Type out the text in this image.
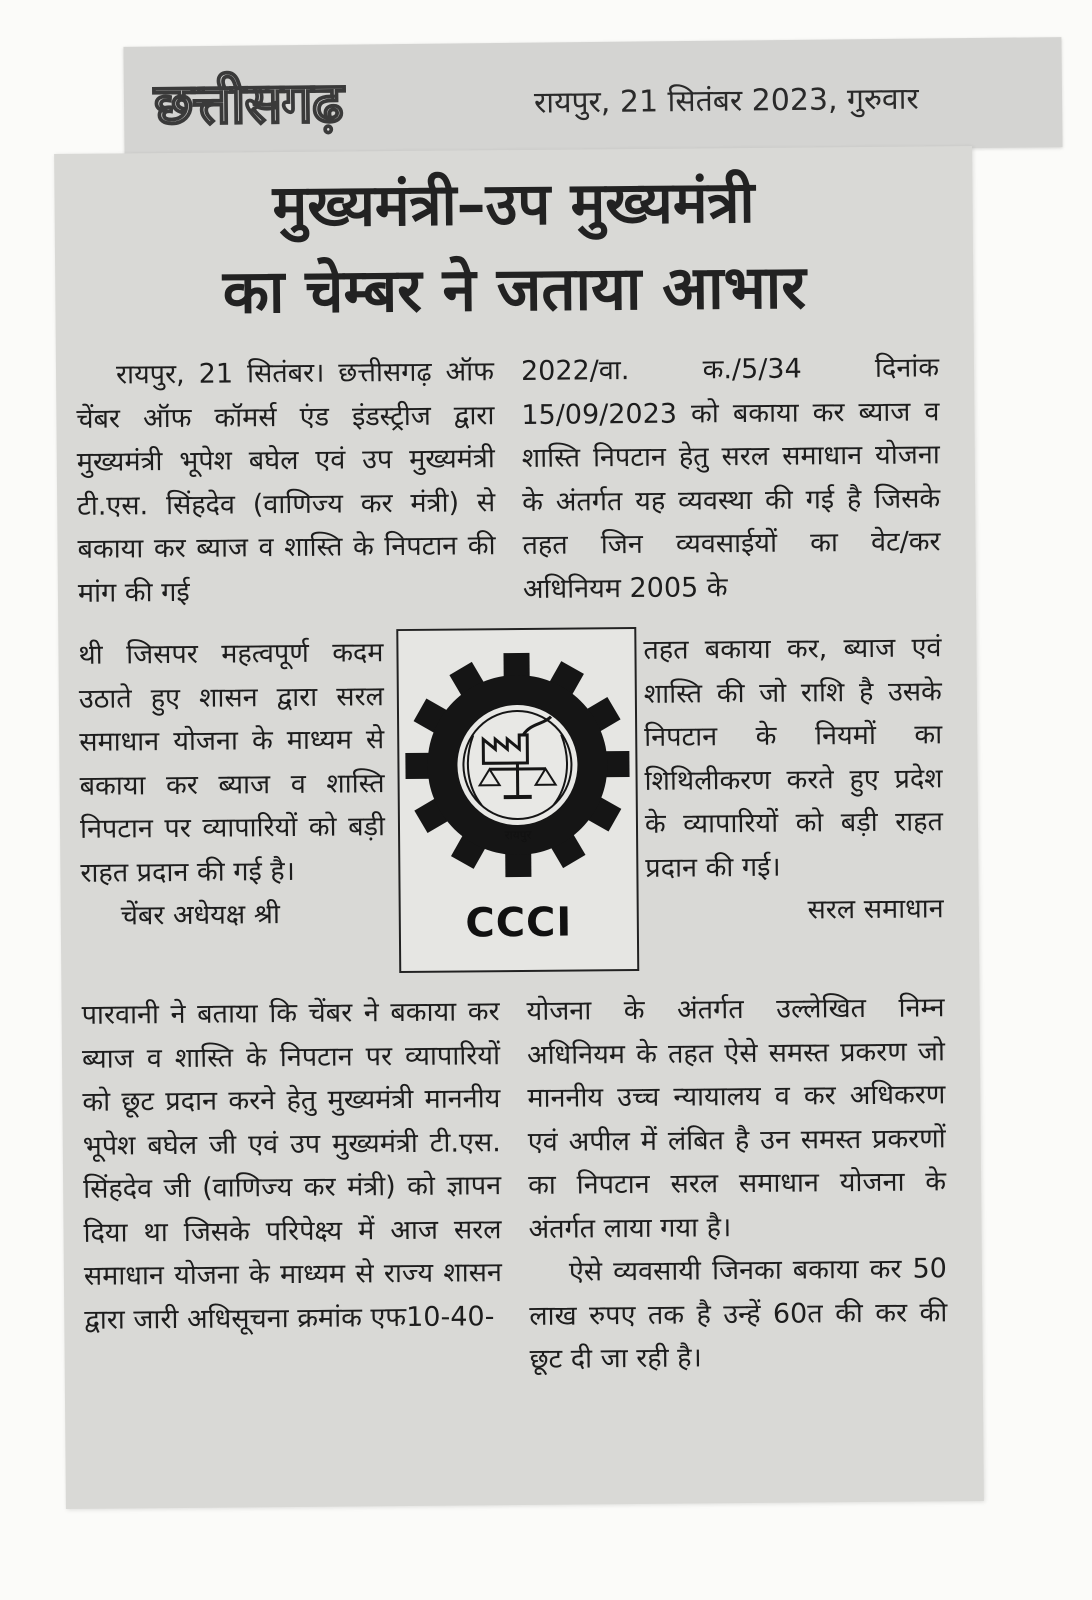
छत्तीसगढ़	रायपुर, 21 सितंबर 2023, गुरुवार
मुख्यमंत्री–उप मुख्यमंत्री
का चेम्बर ने जताया आभार

रायपुर, 21 सितंबर। छत्तीसगढ़ ऑफ चेंबर ऑफ कॉमर्स एंड इंडस्ट्रीज द्वारा मुख्यमंत्री भूपेश बघेल एवं उप मुख्यमंत्री टी.एस. सिंहदेव (वाणिज्य कर मंत्री) से बकाया कर ब्याज व शास्ति के निपटान की मांग की गई

थी जिसपर महत्वपूर्ण कदम उठाते हुए शासन द्वारा सरल समाधान योजना के माध्यम से बकाया कर ब्याज व शास्ति निपटान पर व्यापारियों को बड़ी राहत प्रदान की गई है।

चेंबर अधेयक्ष श्री

पारवानी ने बताया कि चेंबर ने बकाया कर ब्याज व शास्ति के निपटान पर व्यापारियों को छूट प्रदान करने हेतु मुख्यमंत्री माननीय भूपेश बघेल जी एवं उप मुख्यमंत्री टी.एस. सिंहदेव जी (वाणिज्य कर मंत्री) को ज्ञापन दिया था जिसके परिपेक्ष्य में आज सरल समाधान योजना के माध्यम से राज्य शासन द्वारा जारी अधिसूचना क्रमांक एफ10-40-

2022/वा. क./5/34 दिनांक 15/09/2023 को बकाया कर ब्याज व शास्ति निपटान हेतु सरल समाधान योजना के अंतर्गत यह व्यवस्था की गई है जिसके तहत जिन व्यवसाईयों का वेट/कर अधिनियम 2005 के

तहत बकाया कर, ब्याज एवं शास्ति की जो राशि है उसके निपटान के नियमों का शिथिलीकरण करते हुए प्रदेश के व्यापारियों को बड़ी राहत प्रदान की गई।

सरल समाधान

योजना के अंतर्गत उल्लेखित निम्न अधिनियम के तहत ऐसे समस्त प्रकरण जो माननीय उच्च न्यायालय व कर अधिकरण एवं अपील में लंबित है उन समस्त प्रकरणों का निपटान सरल समाधान योजना के अंतर्गत लाया गया है।

ऐसे व्यवसायी जिनका बकाया कर 50 लाख रुपए तक है उन्हें 60त की कर की छूट दी जा रही है।

रायपुर
CCCI
